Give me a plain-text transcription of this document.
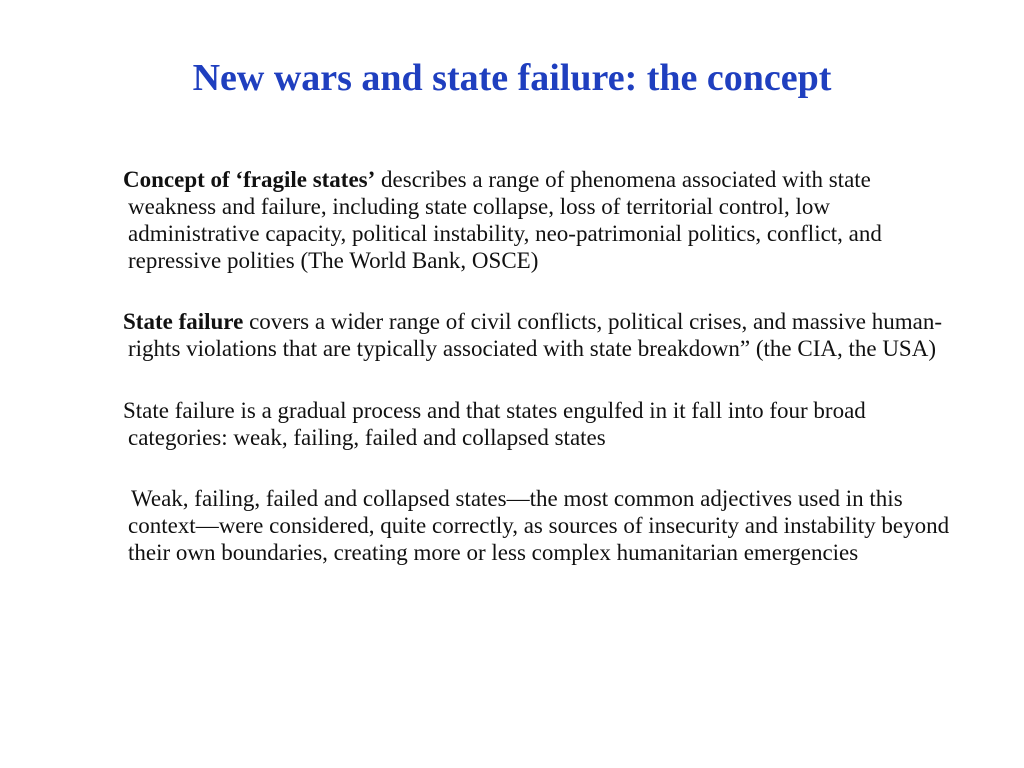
New wars and state failure: the concept

Concept of ‘fragile states’ describes a range of phenomena associated with state weakness and failure, including state collapse, loss of territorial control, low administrative capacity, political instability, neo-patrimonial politics, conflict, and repressive polities (The World Bank, OSCE)

State failure covers a wider range of civil conflicts, political crises, and massive human-rights violations that are typically associated with state breakdown” (the CIA, the USA)

State failure is a gradual process and that states engulfed in it fall into four broad categories: weak, failing, failed and collapsed states

Weak, failing, failed and collapsed states—the most common adjectives used in this context—were considered, quite correctly, as sources of insecurity and instability beyond their own boundaries, creating more or less complex humanitarian emergencies
